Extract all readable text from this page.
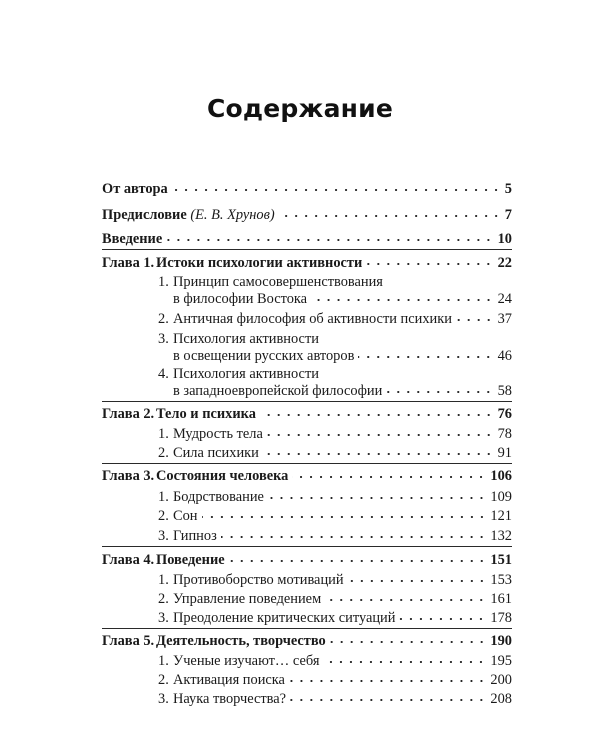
Содержание
От автора	5
Предисловие (Е. В. Хрунов)	7
Введение	10
Глава 1. Истоки психологии активности	22
1. Принцип самосовершенствования
в философии Востока	24
2. Античная философия об активности психики	37
3. Психология активности
в освещении русских авторов	46
4. Психология активности
в западноевропейской философии	58
Глава 2. Тело и психика	76
1. Мудрость тела	78
2. Сила психики	91
Глава 3. Состояния человека	106
1. Бодрствование	109
2. Сон	121
3. Гипноз	132
Глава 4. Поведение	151
1. Противоборство мотиваций	153
2. Управление поведением	161
3. Преодоление критических ситуаций	178
Глава 5. Деятельность, творчество	190
1. Ученые изучают… себя	195
2. Активация поиска	200
3. Наука творчества?	208
